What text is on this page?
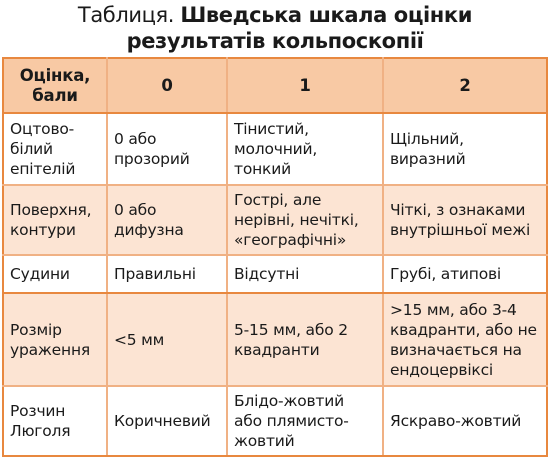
Таблиця. Шведська шкала оцінки
результатів кольпоскопії
Оцінка, бали	0	1	2
Оцтово-білий епітелій	0 або прозорий	Тінистий, молочний, тонкий	Щільний, виразний
Поверхня, контури	0 або дифузна	Гострі, але нерівні, нечіткі, «географічні»	Чіткі, з ознаками внутрішньої межі
Судини	Правильні	Відсутні	Грубі, атипові
Розмір ураження	<5 мм	5-15 мм, або 2 квадранти	>15 мм, або 3-4 квадранти, або не визначається на ендоцервіксі
Розчин Люголя	Коричневий	Блідо-жовтий або плямисто-жовтий	Яскраво-жовтий
